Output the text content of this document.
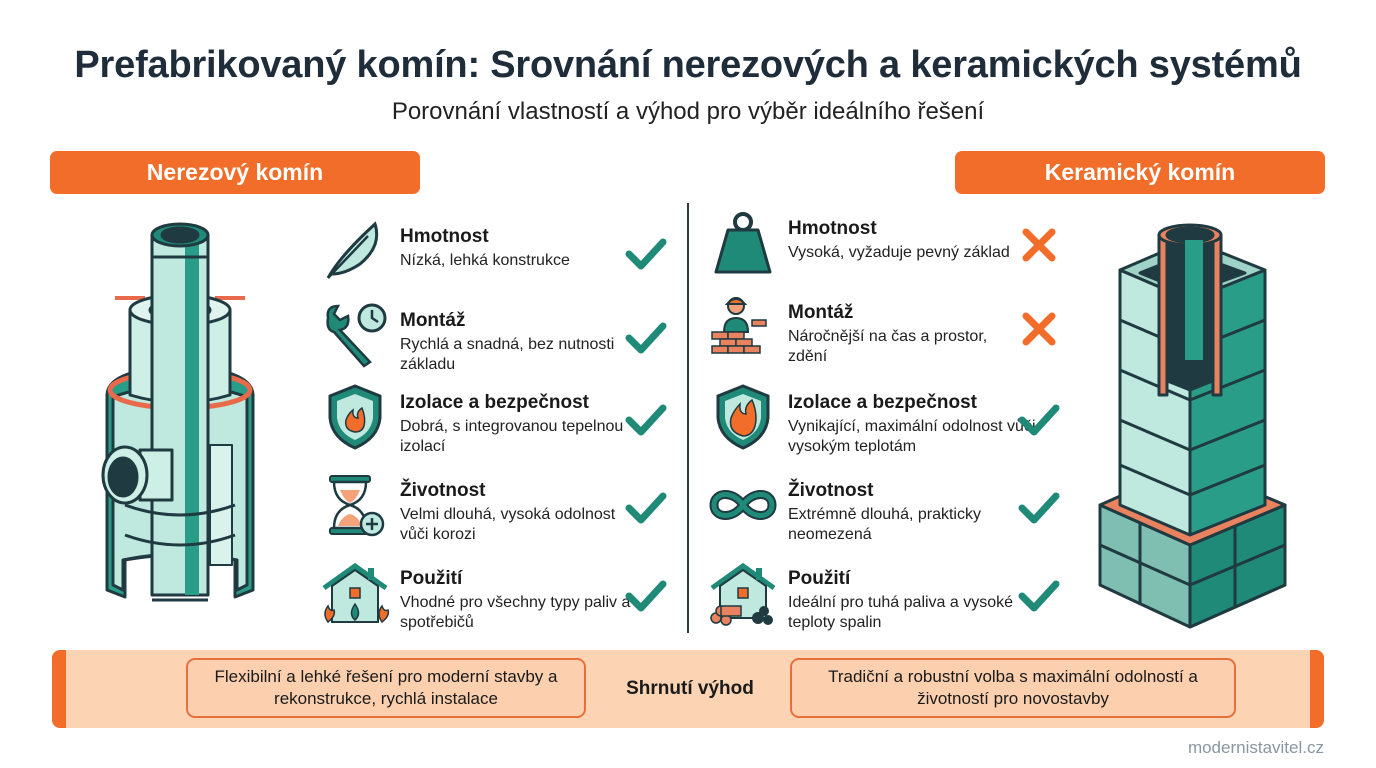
Prefabrikovaný komín: Srovnání nerezových a keramických systémů
Porovnání vlastností a výhod pro výběr ideálního řešení
Nerezový komín	Keramický komín
Hmotnost
Nízká, lehká konstrukce
Montáž
Rychlá a snadná, bez nutnosti základu
Izolace a bezpečnost
Dobrá, s integrovanou tepelnou izolací
Životnost
Velmi dlouhá, vysoká odolnost vůči korozi
Použití
Vhodné pro všechny typy paliv a spotřebičů
Hmotnost
Vysoká, vyžaduje pevný základ
Montáž
Náročnější na čas a prostor, zdění
Izolace a bezpečnost
Vynikající, maximální odolnost vůči vysokým teplotám
Životnost
Extrémně dlouhá, prakticky neomezená
Použití
Ideální pro tuhá paliva a vysoké teploty spalin
Flexibilní a lehké řešení pro moderní stavby a rekonstrukce, rychlá instalace	Shrnutí výhod
Tradiční a robustní volba s maximální odolností a životností pro novostavby
modernistavitel.cz
